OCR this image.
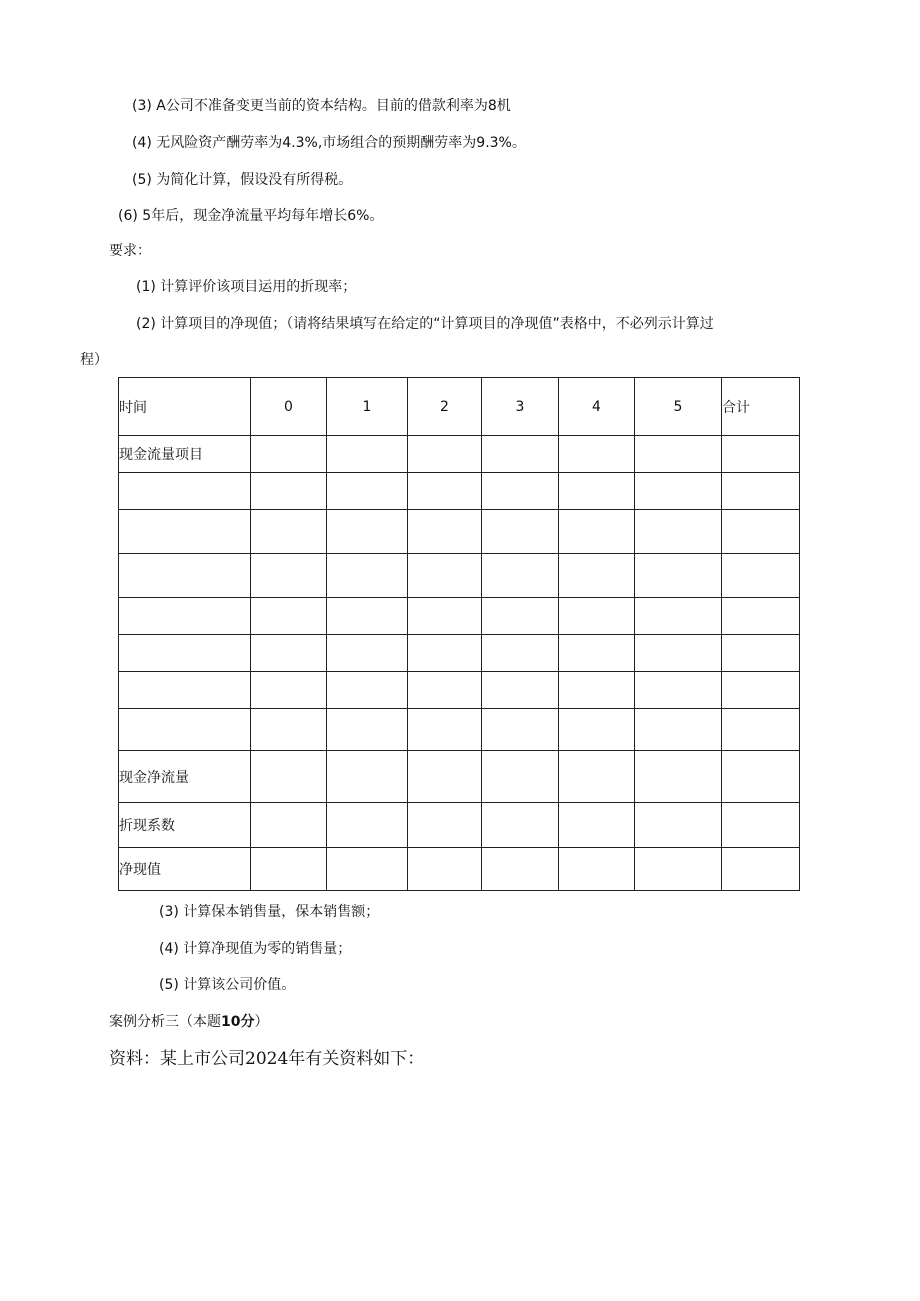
(3) A公司不准备变更当前的资本结构。目前的借款利率为8机
(4) 无风险资产酬劳率为4.3%,市场组合的预期酬劳率为9.3%。
(5) 为简化计算，假设没有所得税。
(6) 5年后，现金净流量平均每年增长6%。
要求：
(1) 计算评价该项目运用的折现率；
(2) 计算项目的净现值；（请将结果填写在给定的“计算项目的净现值”表格中，不必列示计算过
程）
时间	0	1	2	3	4	5	合计
现金流量项目							

现金净流量							
折现系数							
净现值							
(3) 计算保本销售量，保本销售额；
(4) 计算净现值为零的销售量；
(5) 计算该公司价值。
案例分析三（本题10分）
资料：某上市公司2024年有关资料如下：
